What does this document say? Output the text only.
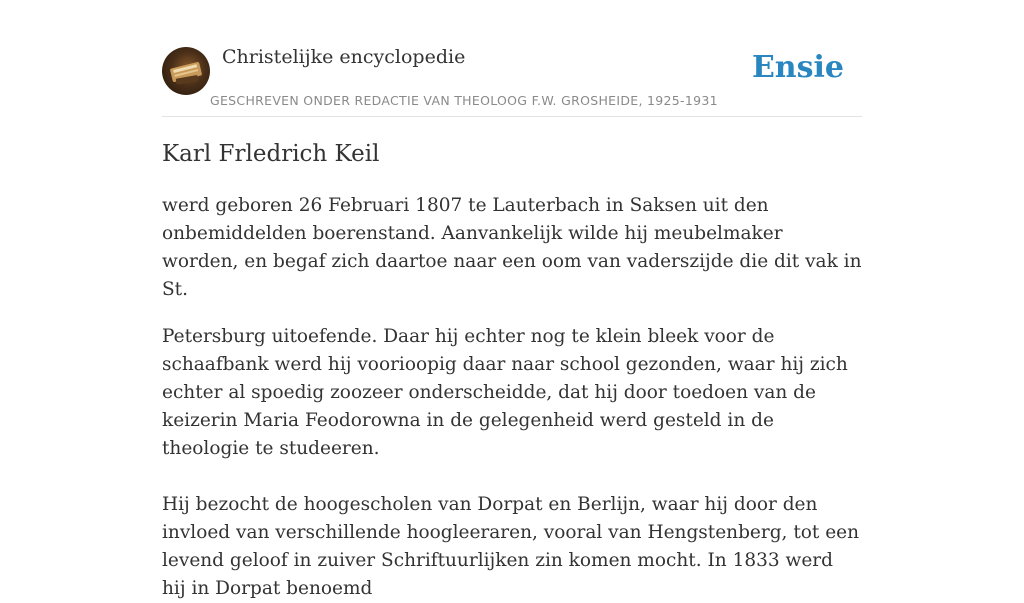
Christelijke encyclopedie
GESCHREVEN ONDER REDACTIE VAN THEOLOOG F.W. GROSHEIDE, 1925-1931
Ensie
Karl Frledrich Keil

werd geboren 26 Februari 1807 te Lauterbach in Saksen uit den onbemiddelden boerenstand. Aanvankelijk wilde hij meubelmaker worden, en begaf zich daartoe naar een oom van vaderszijde die dit vak in St.

Petersburg uitoefende. Daar hij echter nog te klein bleek voor de schaafbank werd hij voorioopig daar naar school gezonden, waar hij zich echter al spoedig zoozeer onderscheidde, dat hij door toedoen van de keizerin Maria Feodorowna in de gelegenheid werd gesteld in de theologie te studeeren.

Hij bezocht de hoogescholen van Dorpat en Berlijn, waar hij door den invloed van verschillende hoogleeraren, vooral van Hengstenberg, tot een levend geloof in zuiver Schriftuurlijken zin komen mocht. In 1833 werd hij in Dorpat benoemd
